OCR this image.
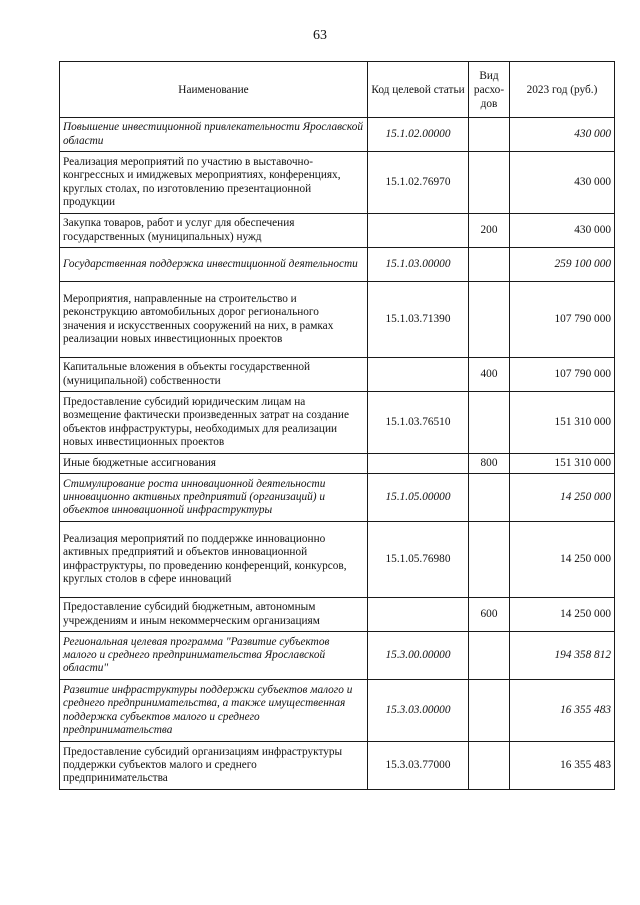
63
Наименование	Код целевой статьи	Вид расхо-дов	2023 год (руб.)
Повышение инвестиционной привлекательности Ярославской области	15.1.02.00000		430 000
Реализация мероприятий по участию в выставочно-конгрессных и имиджевых мероприятиях, конференциях, круглых столах, по изготовлению презентационной продукции	15.1.02.76970		430 000
Закупка товаров, работ и услуг для обеспечения государственных (муниципальных) нужд		200	430 000
Государственная поддержка инвестиционной деятельности	15.1.03.00000		259 100 000
Мероприятия, направленные на строительство и реконструкцию автомобильных дорог регионального значения и искусственных сооружений на них, в рамках реализации новых инвестиционных проектов	15.1.03.71390		107 790 000
Капитальные вложения в объекты государственной (муниципальной) собственности		400	107 790 000
Предоставление субсидий юридическим лицам на возмещение фактически произведенных затрат на создание объектов инфраструктуры, необходимых для реализации новых инвестиционных проектов	15.1.03.76510		151 310 000
Иные бюджетные ассигнования		800	151 310 000
Стимулирование роста инновационной деятельности инновационно активных предприятий (организаций) и объектов инновационной инфраструктуры	15.1.05.00000		14 250 000
Реализация мероприятий по поддержке инновационно активных предприятий и объектов инновационной инфраструктуры, по проведению конференций, конкурсов, круглых столов в сфере инноваций	15.1.05.76980		14 250 000
Предоставление субсидий бюджетным, автономным учреждениям и иным некоммерческим организациям		600	14 250 000
Региональная целевая программа "Развитие субъектов малого и среднего предпринимательства Ярославской области"	15.3.00.00000		194 358 812
Развитие инфраструктуры поддержки субъектов малого и среднего предпринимательства, а также имущественная поддержка субъектов малого и среднего предпринимательства	15.3.03.00000		16 355 483
Предоставление субсидий организациям инфраструктуры поддержки субъектов малого и среднего предпринимательства	15.3.03.77000		16 355 483
